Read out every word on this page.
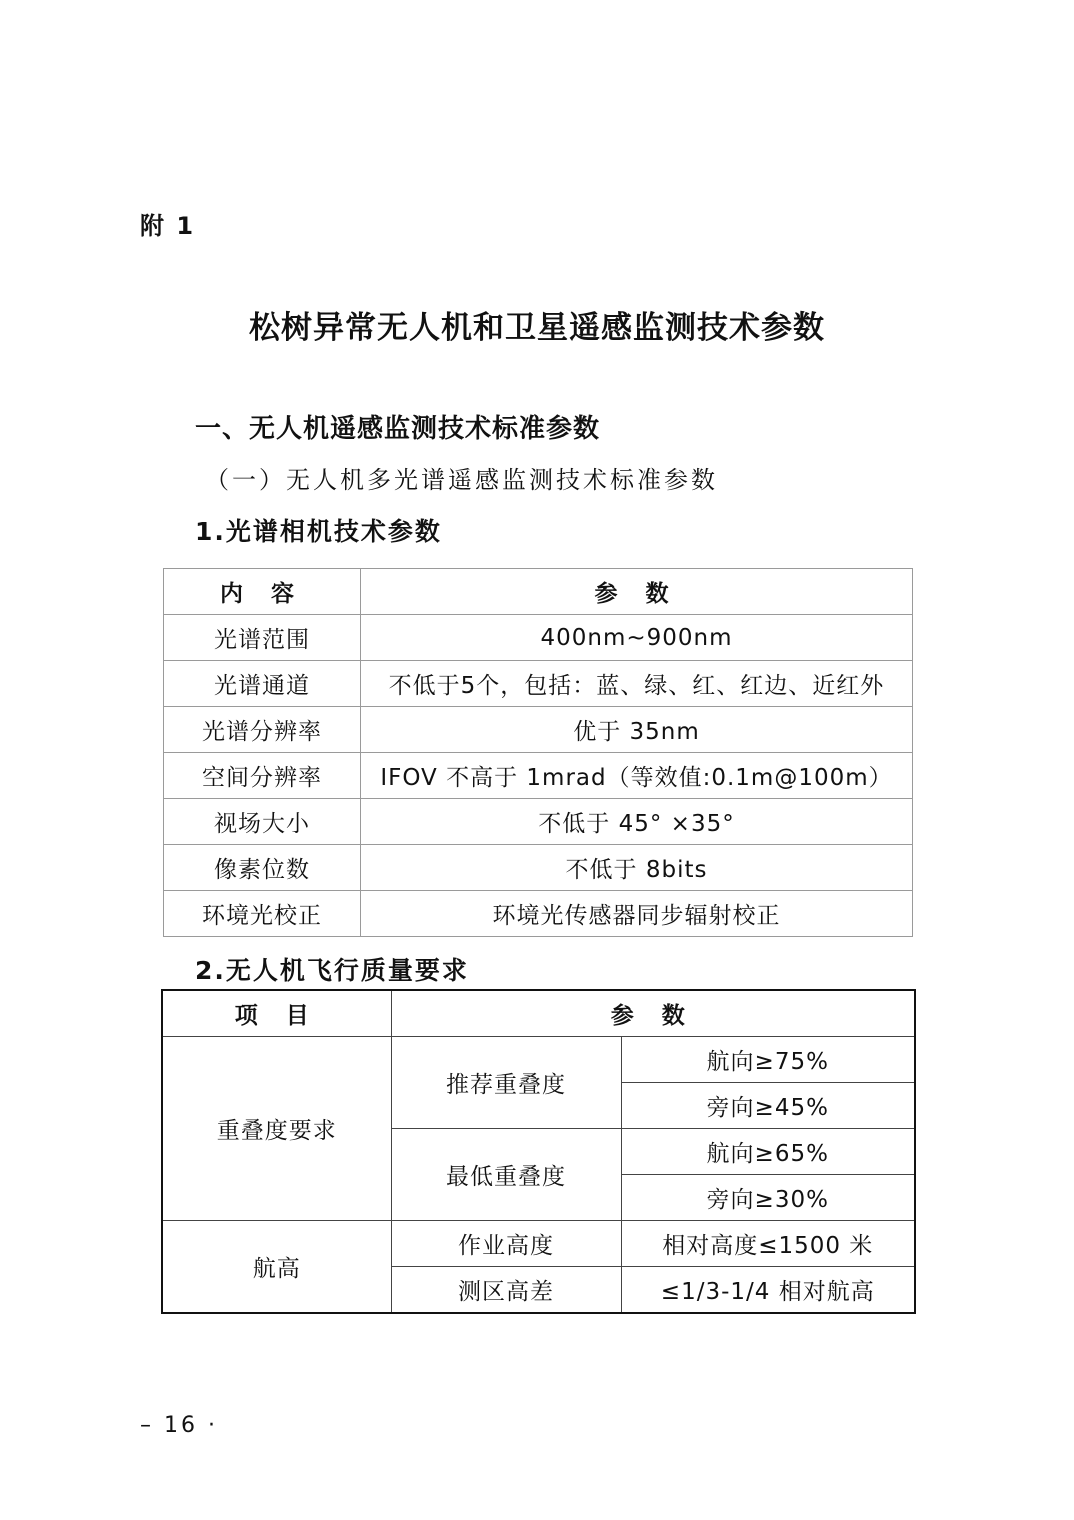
附 1
松树异常无人机和卫星遥感监测技术参数
一、无人机遥感监测技术标准参数
（一）无人机多光谱遥感监测技术标准参数
1.光谱相机技术参数
内 容	参 数
光谱范围	400nm~900nm
光谱通道	不低于5个，包括：蓝、绿、红、红边、近红外
光谱分辨率	优于 35nm
空间分辨率	IFOV 不高于 1mrad（等效值:0.1m@100m）
视场大小	不低于 45° ×35°
像素位数	不低于 8bits
环境光校正	环境光传感器同步辐射校正
2.无人机飞行质量要求
项 目	参 数	
重叠度要求	推荐重叠度	航向≥75%
		旁向≥45%
	最低重叠度	航向≥65%
		旁向≥30%
航高	作业高度	相对高度≤1500 米
	测区高差	≤1/3-1/4 相对航高
– 16 ·
